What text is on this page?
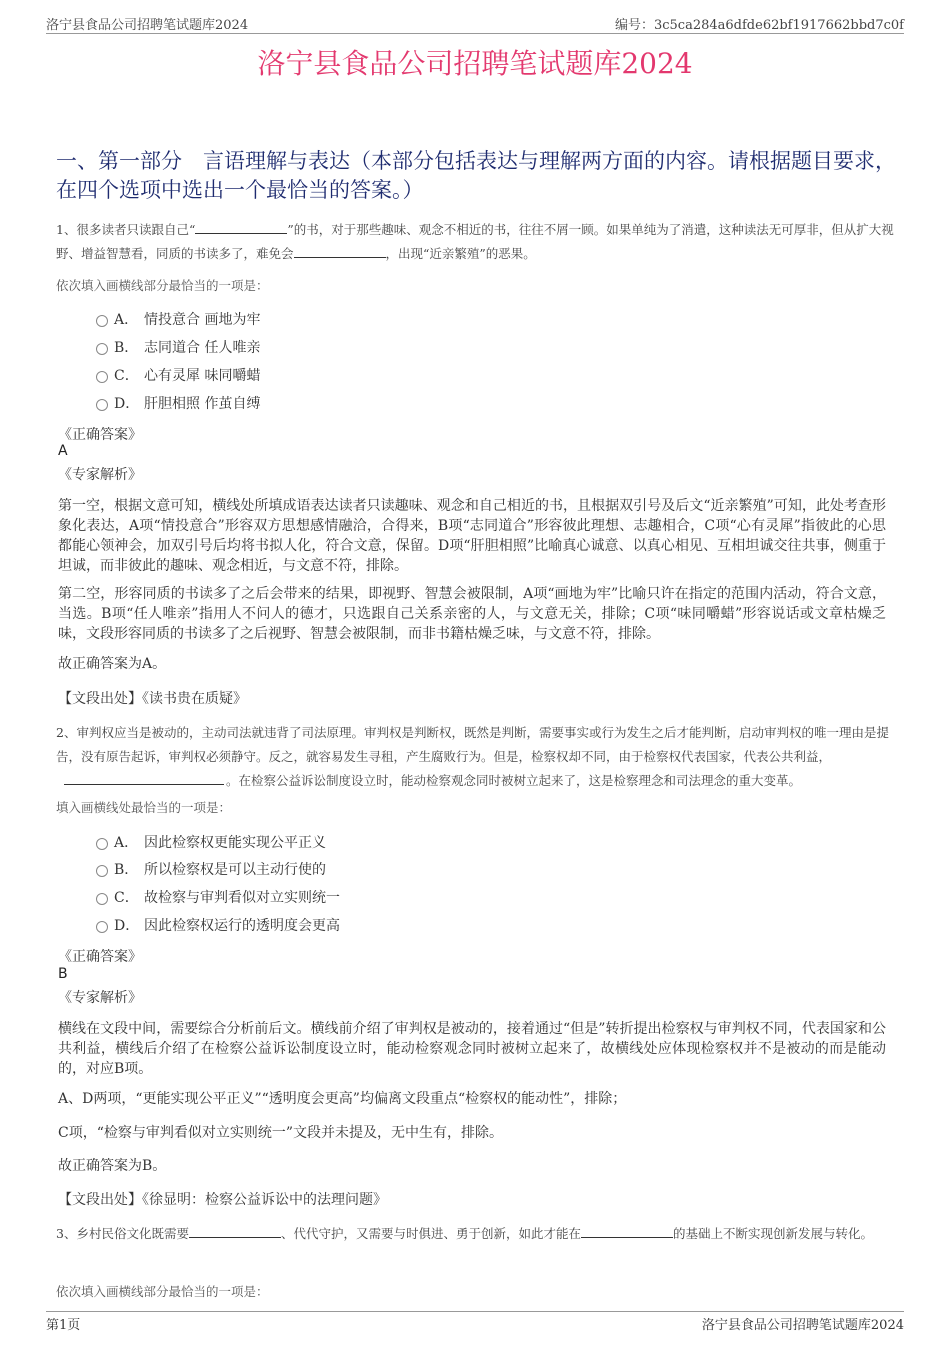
洛宁县食品公司招聘笔试题库2024	编号：3c5ca284a6dfde62bf1917662bbd7c0f
洛宁县食品公司招聘笔试题库2024
一、第一部分　言语理解与表达（本部分包括表达与理解两方面的内容。请根据题目要求，在四个选项中选出一个最恰当的答案。）
1、很多读者只读跟自己“	”的书，对于那些趣味、观念不相近的书，往往不屑一顾。如果单纯为了消遣，这种读法无可厚非，但从扩大视野、增益智慧看，同质的书读多了，难免会	，出现“近亲繁殖”的恶果。
依次填入画横线部分最恰当的一项是：
A． 情投意合 画地为牢
B． 志同道合 任人唯亲
C． 心有灵犀 味同嚼蜡
D． 肝胆相照 作茧自缚
《正确答案》
A
《专家解析》
第一空，根据文意可知，横线处所填成语表达读者只读趣味、观念和自己相近的书，且根据双引号及后文“近亲繁殖”可知，此处考查形象化表达，A项“情投意合”形容双方思想感情融洽，合得来，B项“志同道合”形容彼此理想、志趣相合，C项“心有灵犀”指彼此的心思都能心领神会，加双引号后均将书拟人化，符合文意，保留。D项“肝胆相照”比喻真心诚意、以真心相见、互相坦诚交往共事，侧重于坦诚，而非彼此的趣味、观念相近，与文意不符，排除。
第二空，形容同质的书读多了之后会带来的结果，即视野、智慧会被限制，A项“画地为牢”比喻只许在指定的范围内活动，符合文意，当选。B项“任人唯亲”指用人不问人的德才，只选跟自己关系亲密的人，与文意无关，排除；C项“味同嚼蜡”形容说话或文章枯燥乏味，文段形容同质的书读多了之后视野、智慧会被限制，而非书籍枯燥乏味，与文意不符，排除。
故正确答案为A。
【文段出处】《读书贵在质疑》
2、审判权应当是被动的，主动司法就违背了司法原理。审判权是判断权，既然是判断，需要事实或行为发生之后才能判断，启动审判权的唯一理由是提告，没有原告起诉，审判权必须静守。反之，就容易发生寻租，产生腐败行为。但是，检察权却不同，由于检察权代表国家，代表公共利益，。在检察公益诉讼制度设立时，能动检察观念同时被树立起来了，这是检察理念和司法理念的重大变革。
填入画横线处最恰当的一项是：
A． 因此检察权更能实现公平正义
B． 所以检察权是可以主动行使的
C． 故检察与审判看似对立实则统一
D． 因此检察权运行的透明度会更高
《正确答案》
B
《专家解析》
横线在文段中间，需要综合分析前后文。横线前介绍了审判权是被动的，接着通过“但是”转折提出检察权与审判权不同，代表国家和公共利益，横线后介绍了在检察公益诉讼制度设立时，能动检察观念同时被树立起来了，故横线处应体现检察权并不是被动的而是能动的，对应B项。
A、D两项，“更能实现公平正义”“透明度会更高”均偏离文段重点“检察权的能动性”，排除；
C项，“检察与审判看似对立实则统一”文段并未提及，无中生有，排除。
故正确答案为B。
【文段出处】《徐显明：检察公益诉讼中的法理问题》
3、乡村民俗文化既需要	、代代守护，又需要与时俱进、勇于创新，如此才能在	的基础上不断实现创新发展与转化。
依次填入画横线部分最恰当的一项是：
第1页	洛宁县食品公司招聘笔试题库2024
